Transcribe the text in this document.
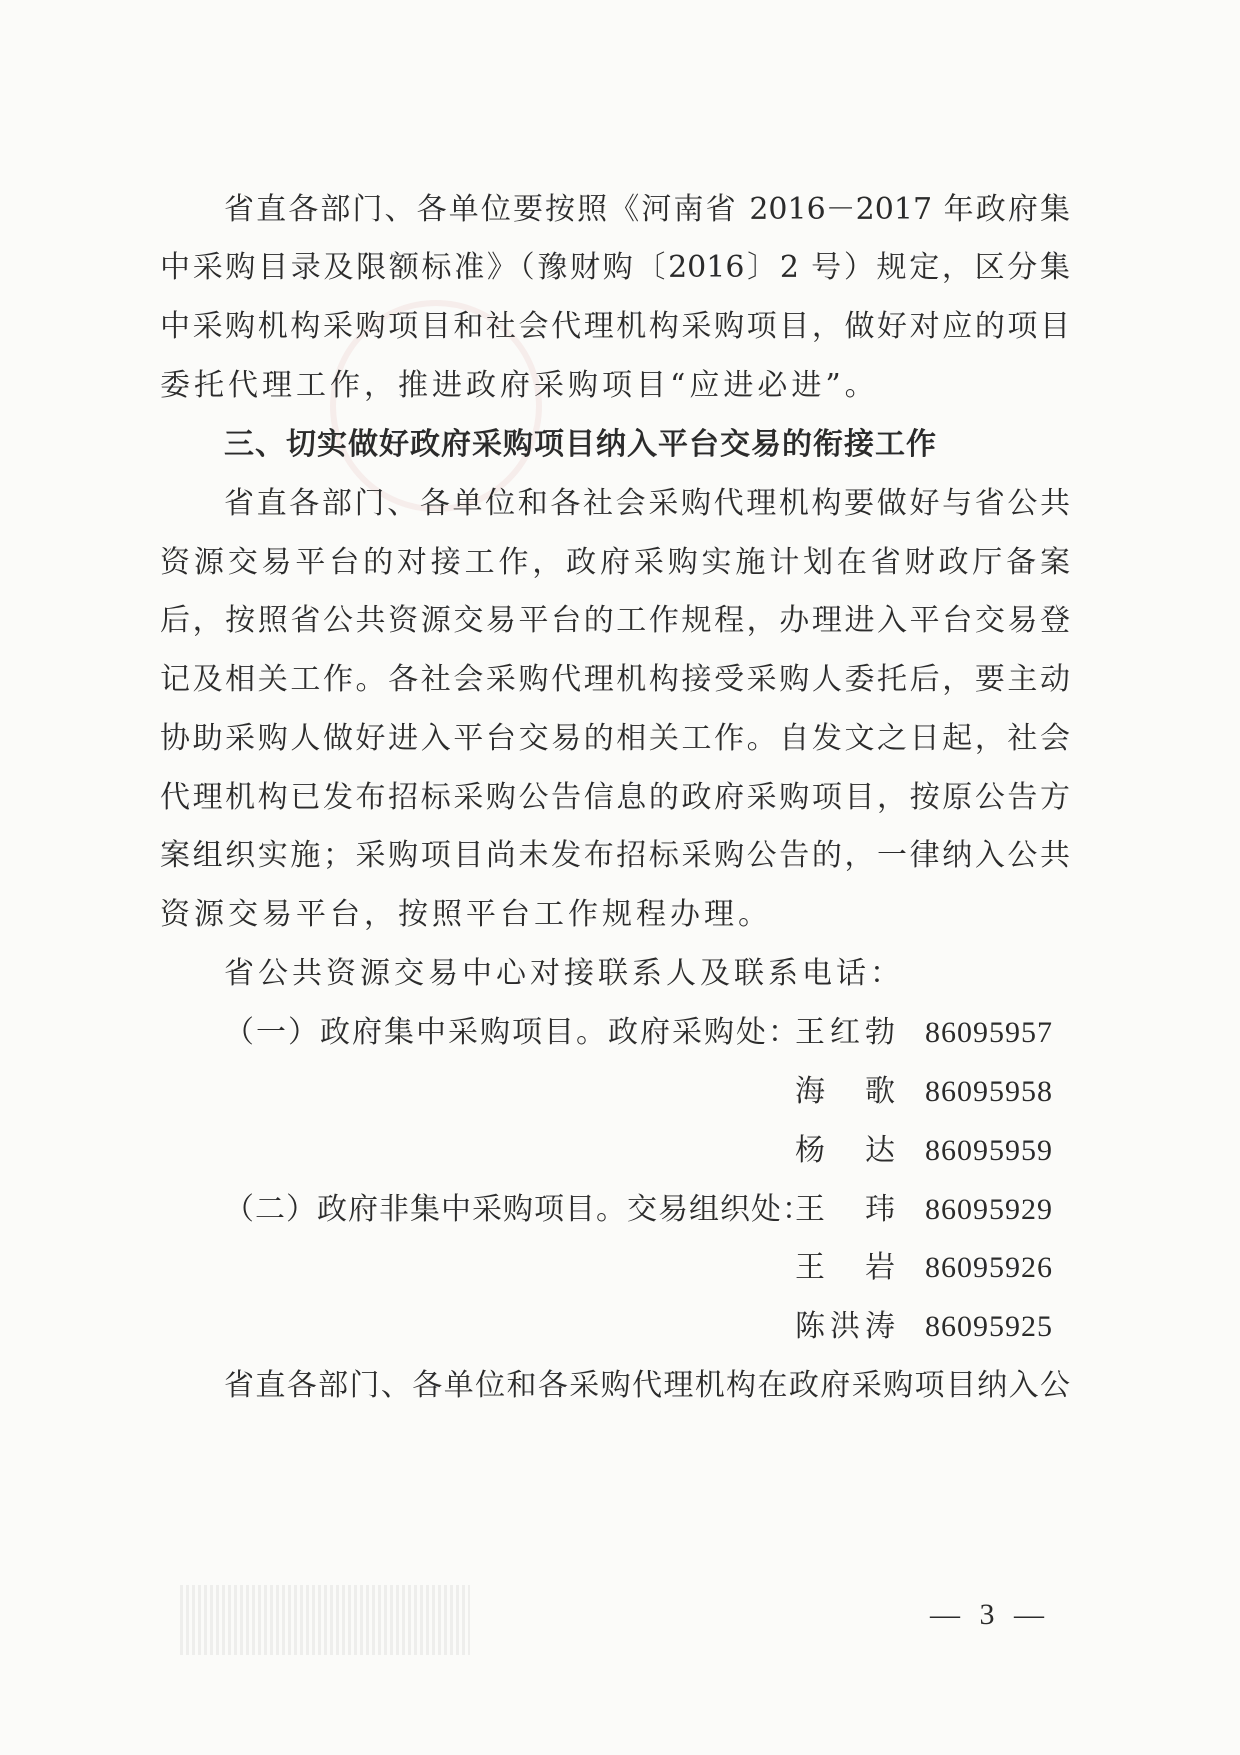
省直各部门、各单位要按照《河南省 2016－2017 年政府集
中采购目录及限额标准》（豫财购〔2016〕2 号）规定，区分集
中采购机构采购项目和社会代理机构采购项目，做好对应的项目
委托代理工作，推进政府采购项目“应进必进”。
三、切实做好政府采购项目纳入平台交易的衔接工作
省直各部门、各单位和各社会采购代理机构要做好与省公共
资源交易平台的对接工作，政府采购实施计划在省财政厅备案
后，按照省公共资源交易平台的工作规程，办理进入平台交易登
记及相关工作。各社会采购代理机构接受采购人委托后，要主动
协助采购人做好进入平台交易的相关工作。自发文之日起，社会
代理机构已发布招标采购公告信息的政府采购项目，按原公告方
案组织实施；采购项目尚未发布招标采购公告的，一律纳入公共
资源交易平台，按照平台工作规程办理。
省公共资源交易中心对接联系人及联系电话：
（一）政府集中采购项目。政府采购处：
王红勃 86095957
海歌 86095958
杨达 86095959
（二）政府非集中采购项目。交易组织处：
王玮 86095929
王岩 86095926
陈洪涛 86095925
省直各部门、各单位和各采购代理机构在政府采购项目纳入公
— 3 —
